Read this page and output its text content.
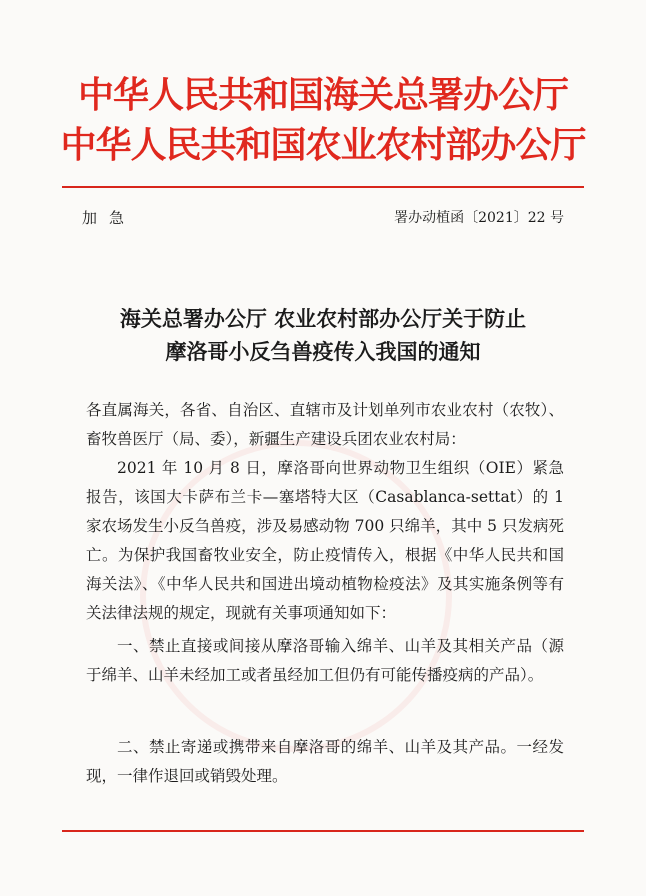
中华人民共和国海关总署办公厅
中华人民共和国农业农村部办公厅
加急	署办动植函〔2021〕22 号
海关总署办公厅 农业农村部办公厅关于防止
摩洛哥小反刍兽疫传入我国的通知

各直属海关，各省、自治区、直辖市及计划单列市农业农村（农牧）、畜牧兽医厅（局、委），新疆生产建设兵团农业农村局：

2021 年 10 月 8 日，摩洛哥向世界动物卫生组织（OIE）紧急报告，该国大卡萨布兰卡—塞塔特大区（Casablanca-settat）的 1 家农场发生小反刍兽疫，涉及易感动物 700 只绵羊，其中 5 只发病死亡。为保护我国畜牧业安全，防止疫情传入，根据《中华人民共和国海关法》、《中华人民共和国进出境动植物检疫法》及其实施条例等有关法律法规的规定，现就有关事项通知如下：

一、禁止直接或间接从摩洛哥输入绵羊、山羊及其相关产品（源于绵羊、山羊未经加工或者虽经加工但仍有可能传播疫病的产品）。

二、禁止寄递或携带来自摩洛哥的绵羊、山羊及其产品。一经发现，一律作退回或销毁处理。
